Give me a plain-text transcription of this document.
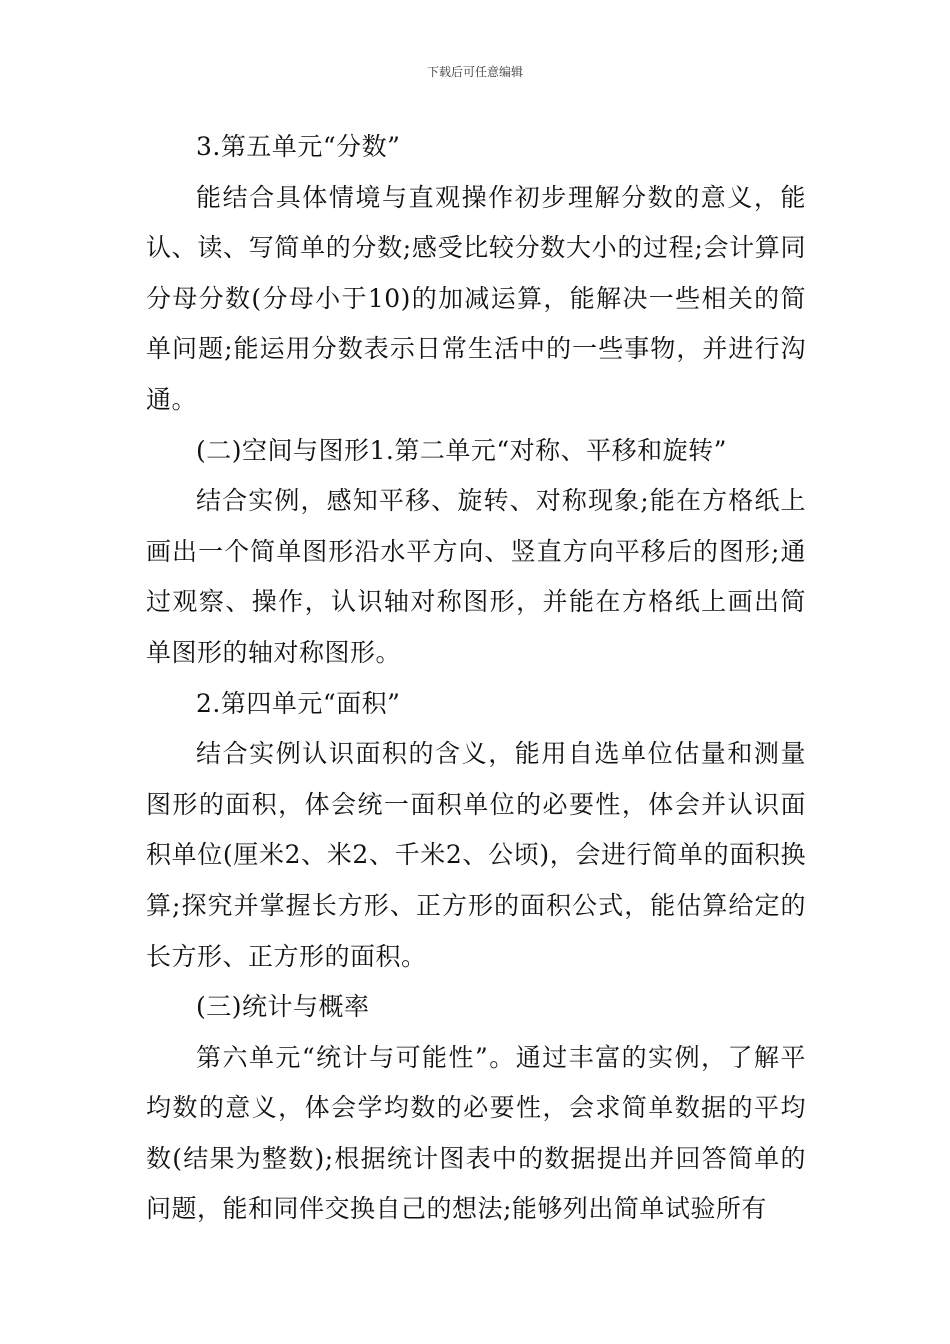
下载后可任意编辑

3.第五单元“分数”

能结合具体情境与直观操作初步理解分数的意义，能认、读、写简单的分数;感受比较分数大小的过程;会计算同分母分数(分母小于10)的加减运算，能解决一些相关的简单问题;能运用分数表示日常生活中的一些事物，并进行沟通。

(二)空间与图形1.第二单元“对称、平移和旋转”

结合实例，感知平移、旋转、对称现象;能在方格纸上画出一个简单图形沿水平方向、竖直方向平移后的图形;通过观察、操作，认识轴对称图形，并能在方格纸上画出简单图形的轴对称图形。

2.第四单元“面积”

结合实例认识面积的含义，能用自选单位估量和测量图形的面积，体会统一面积单位的必要性，体会并认识面积单位(厘米2、米2、千米2、公顷)，会进行简单的面积换算;探究并掌握长方形、正方形的面积公式，能估算给定的长方形、正方形的面积。

(三)统计与概率

第六单元“统计与可能性”。通过丰富的实例，了解平均数的意义，体会学均数的必要性，会求简单数据的平均数(结果为整数);根据统计图表中的数据提出并回答简单的问题，能和同伴交换自己的想法;能够列出简单试验所有
